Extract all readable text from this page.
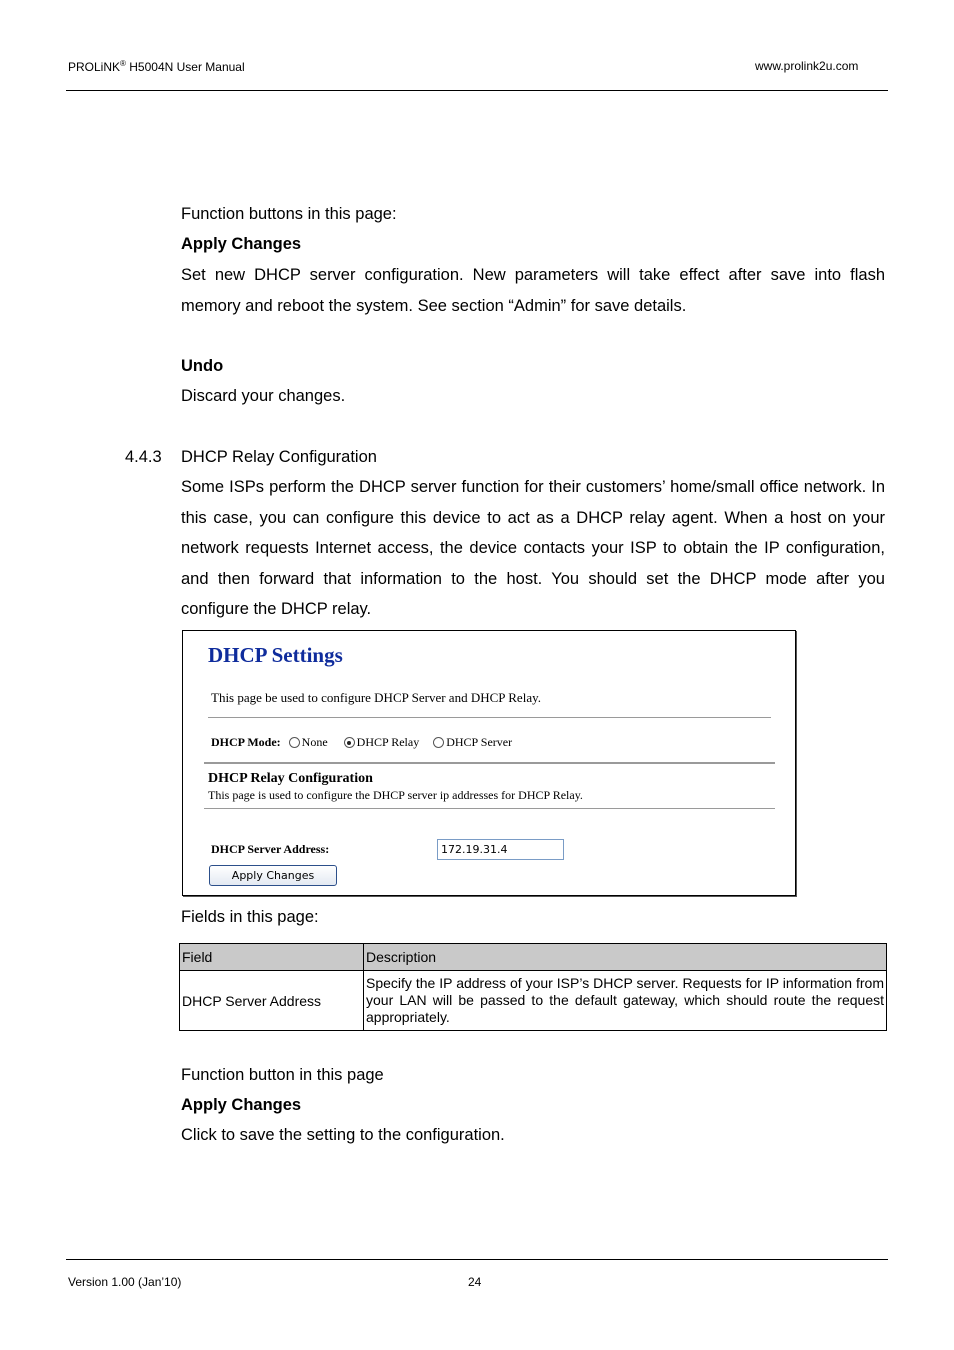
PROLiNK® H5004N User Manual	www.prolink2u.com
Function buttons in this page:
Apply Changes
Set new DHCP server configuration. New parameters will take effect after save into flash memory and reboot the system. See section “Admin” for save details.
Undo
Discard your changes.
4.4.3 DHCP Relay Configuration
Some ISPs perform the DHCP server function for their customers’ home/small office network. In this case, you can configure this device to act as a DHCP relay agent. When a host on your network requests Internet access, the device contacts your ISP to obtain the IP configuration, and then forward that information to the host. You should set the DHCP mode after you configure the DHCP relay.
DHCP Settings
This page be used to configure DHCP Server and DHCP Relay.
DHCP Mode: None DHCP Relay DHCP Server
DHCP Relay Configuration
This page is used to configure the DHCP server ip addresses for DHCP Relay.
DHCP Server Address:	172.19.31.4
Apply Changes
Fields in this page:
Field	Description
DHCP Server Address	Specify the IP address of your ISP’s DHCP server. Requests for IP information from your LAN will be passed to the default gateway, which should route the request appropriately.
Function button in this page
Apply Changes
Click to save the setting to the configuration.
Version 1.00 (Jan’10)	24
